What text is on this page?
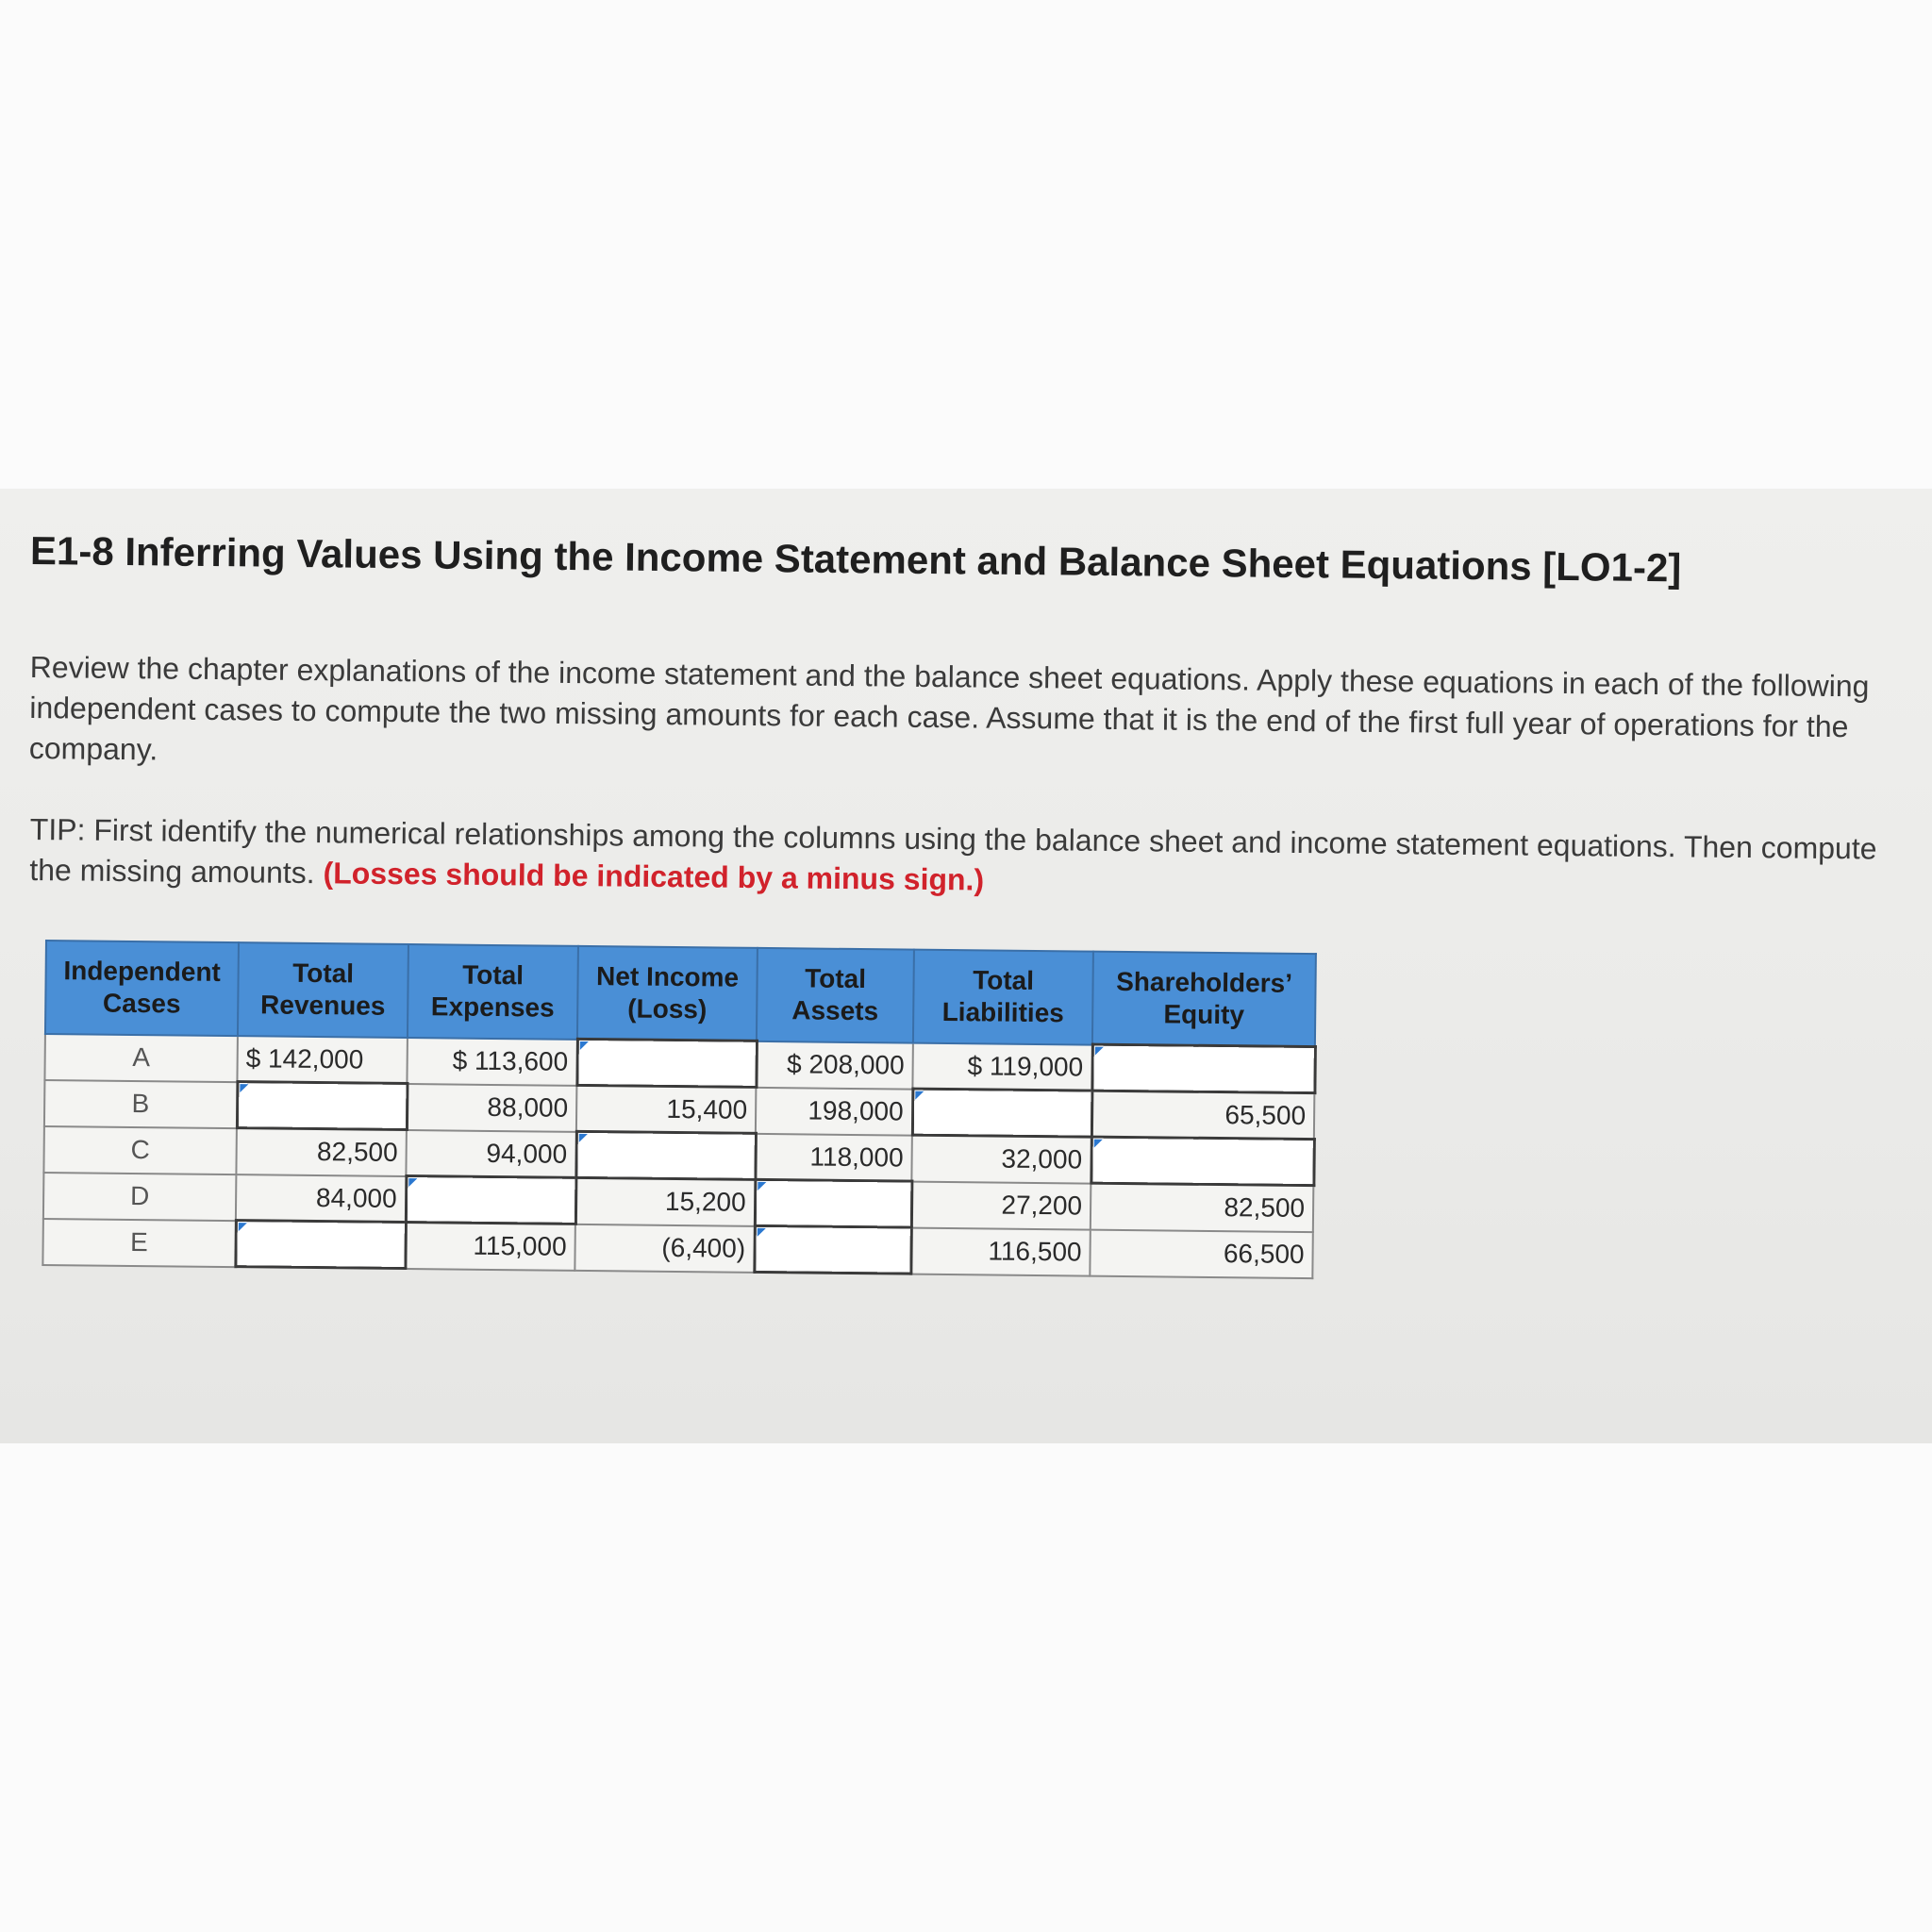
E1-8 Inferring Values Using the Income Statement and Balance Sheet Equations [LO1-2]

Review the chapter explanations of the income statement and the balance sheet equations. Apply these equations in each of the following independent cases to compute the two missing amounts for each case. Assume that it is the end of the first full year of operations for the company.

TIP: First identify the numerical relationships among the columns using the balance sheet and income statement equations. Then compute the missing amounts. (Losses should be indicated by a minus sign.)

Independent Cases	Total Revenues	Total Expenses	Net Income (Loss)	Total Assets	Total Liabilities	Shareholders’ Equity
A	$ 142,000	$ 113,600		$ 208,000	$ 119,000	
B		88,000	15,400	198,000		65,500
C	82,500	94,000		118,000	32,000	
D	84,000		15,200		27,200	82,500
E		115,000	(6,400)		116,500	66,500
